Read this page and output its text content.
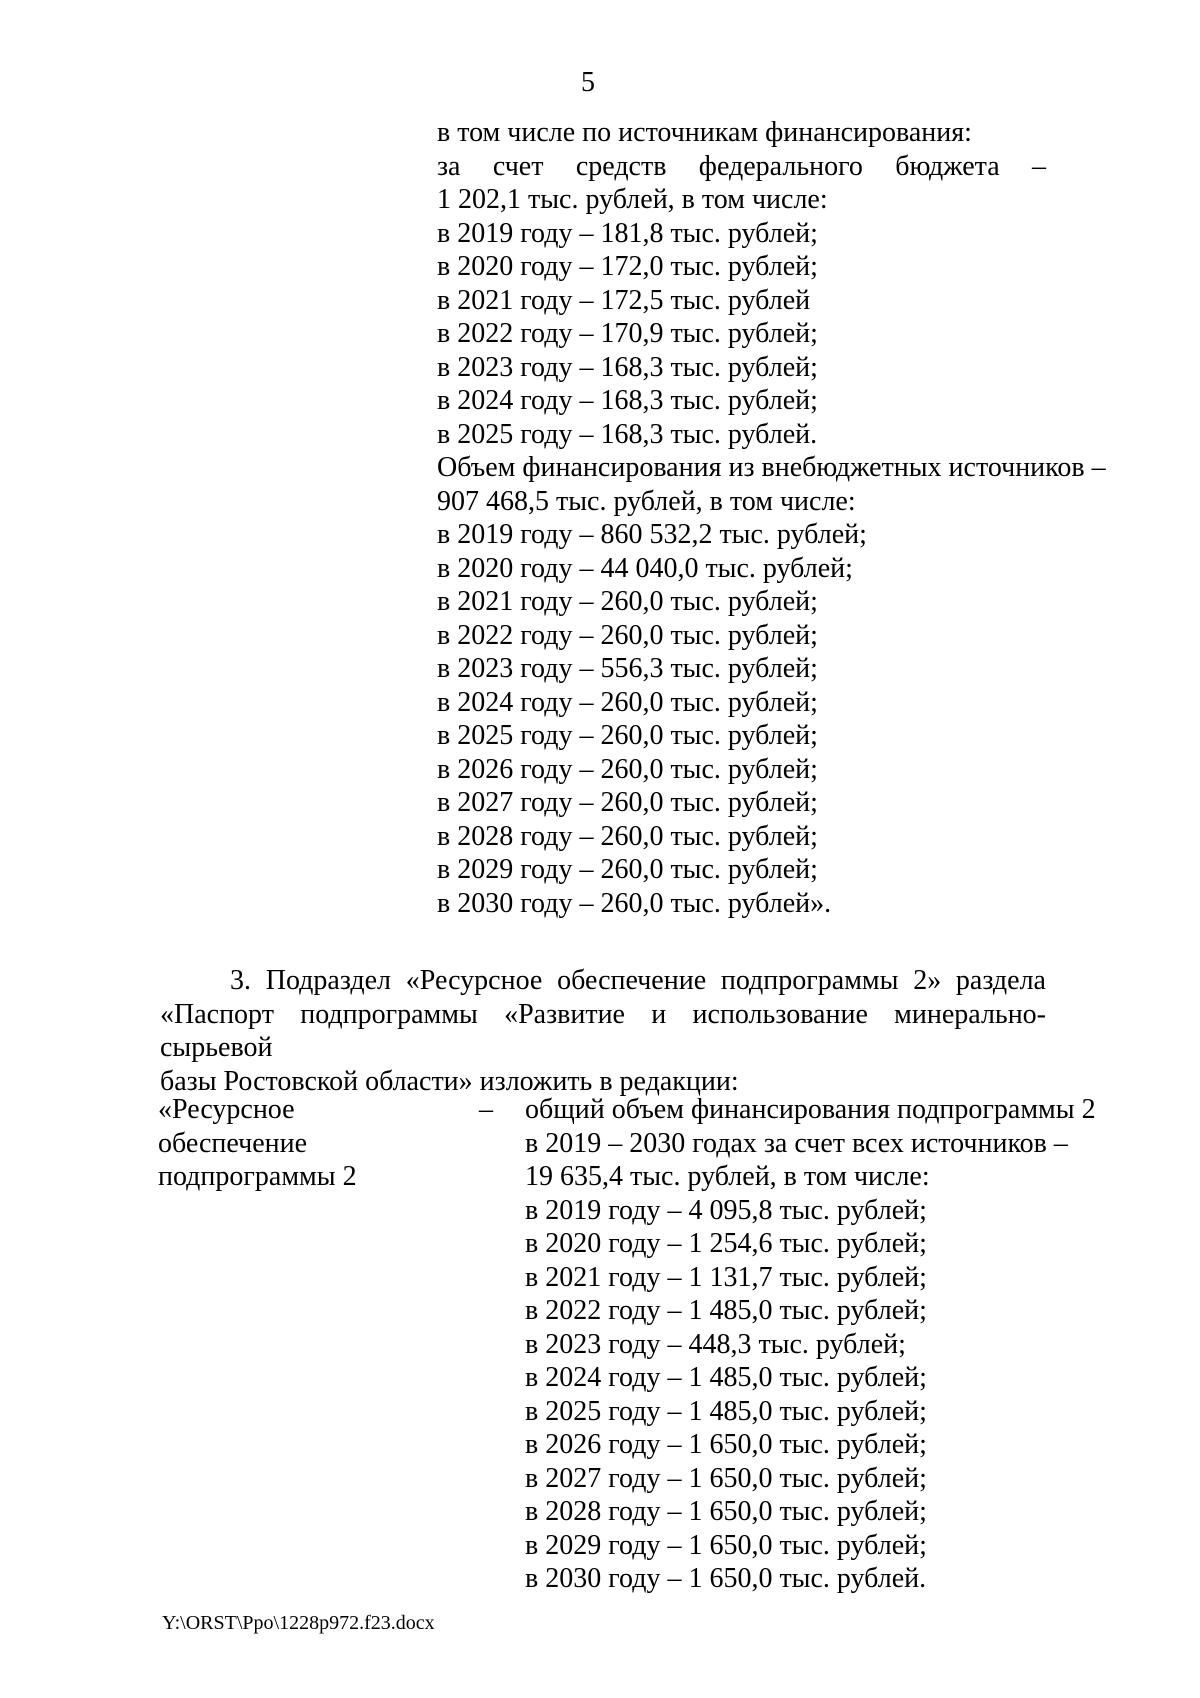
5
в том числе по источникам финансирования:
за счет средств федерального бюджета –
1 202,1 тыс. рублей, в том числе:
в 2019 году – 181,8 тыс. рублей;
в 2020 году – 172,0 тыс. рублей;
в 2021 году – 172,5 тыс. рублей
в 2022 году – 170,9 тыс. рублей;
в 2023 году – 168,3 тыс. рублей;
в 2024 году – 168,3 тыс. рублей;
в 2025 году – 168,3 тыс. рублей.
Объем финансирования из внебюджетных источников –
907 468,5 тыс. рублей, в том числе:
в 2019 году – 860 532,2 тыс. рублей;
в 2020 году – 44 040,0 тыс. рублей;
в 2021 году – 260,0 тыс. рублей;
в 2022 году – 260,0 тыс. рублей;
в 2023 году – 556,3 тыс. рублей;
в 2024 году – 260,0 тыс. рублей;
в 2025 году – 260,0 тыс. рублей;
в 2026 году – 260,0 тыс. рублей;
в 2027 году – 260,0 тыс. рублей;
в 2028 году – 260,0 тыс. рублей;
в 2029 году – 260,0 тыс. рублей;
в 2030 году – 260,0 тыс. рублей».
3. Подраздел «Ресурсное обеспечение подпрограммы 2» раздела
«Паспорт подпрограммы «Развитие и использование минерально-сырьевой
базы Ростовской области» изложить в редакции:
«Ресурсное
обеспечение
подпрограммы 2
– общий объем финансирования подпрограммы 2
в 2019 – 2030 годах за счет всех источников –
19 635,4 тыс. рублей, в том числе:
в 2019 году – 4 095,8 тыс. рублей;
в 2020 году – 1 254,6 тыс. рублей;
в 2021 году – 1 131,7 тыс. рублей;
в 2022 году – 1 485,0 тыс. рублей;
в 2023 году – 448,3 тыс. рублей;
в 2024 году – 1 485,0 тыс. рублей;
в 2025 году – 1 485,0 тыс. рублей;
в 2026 году – 1 650,0 тыс. рублей;
в 2027 году – 1 650,0 тыс. рублей;
в 2028 году – 1 650,0 тыс. рублей;
в 2029 году – 1 650,0 тыс. рублей;
в 2030 году – 1 650,0 тыс. рублей.
Y:\ORST\Ppo\1228p972.f23.docx
